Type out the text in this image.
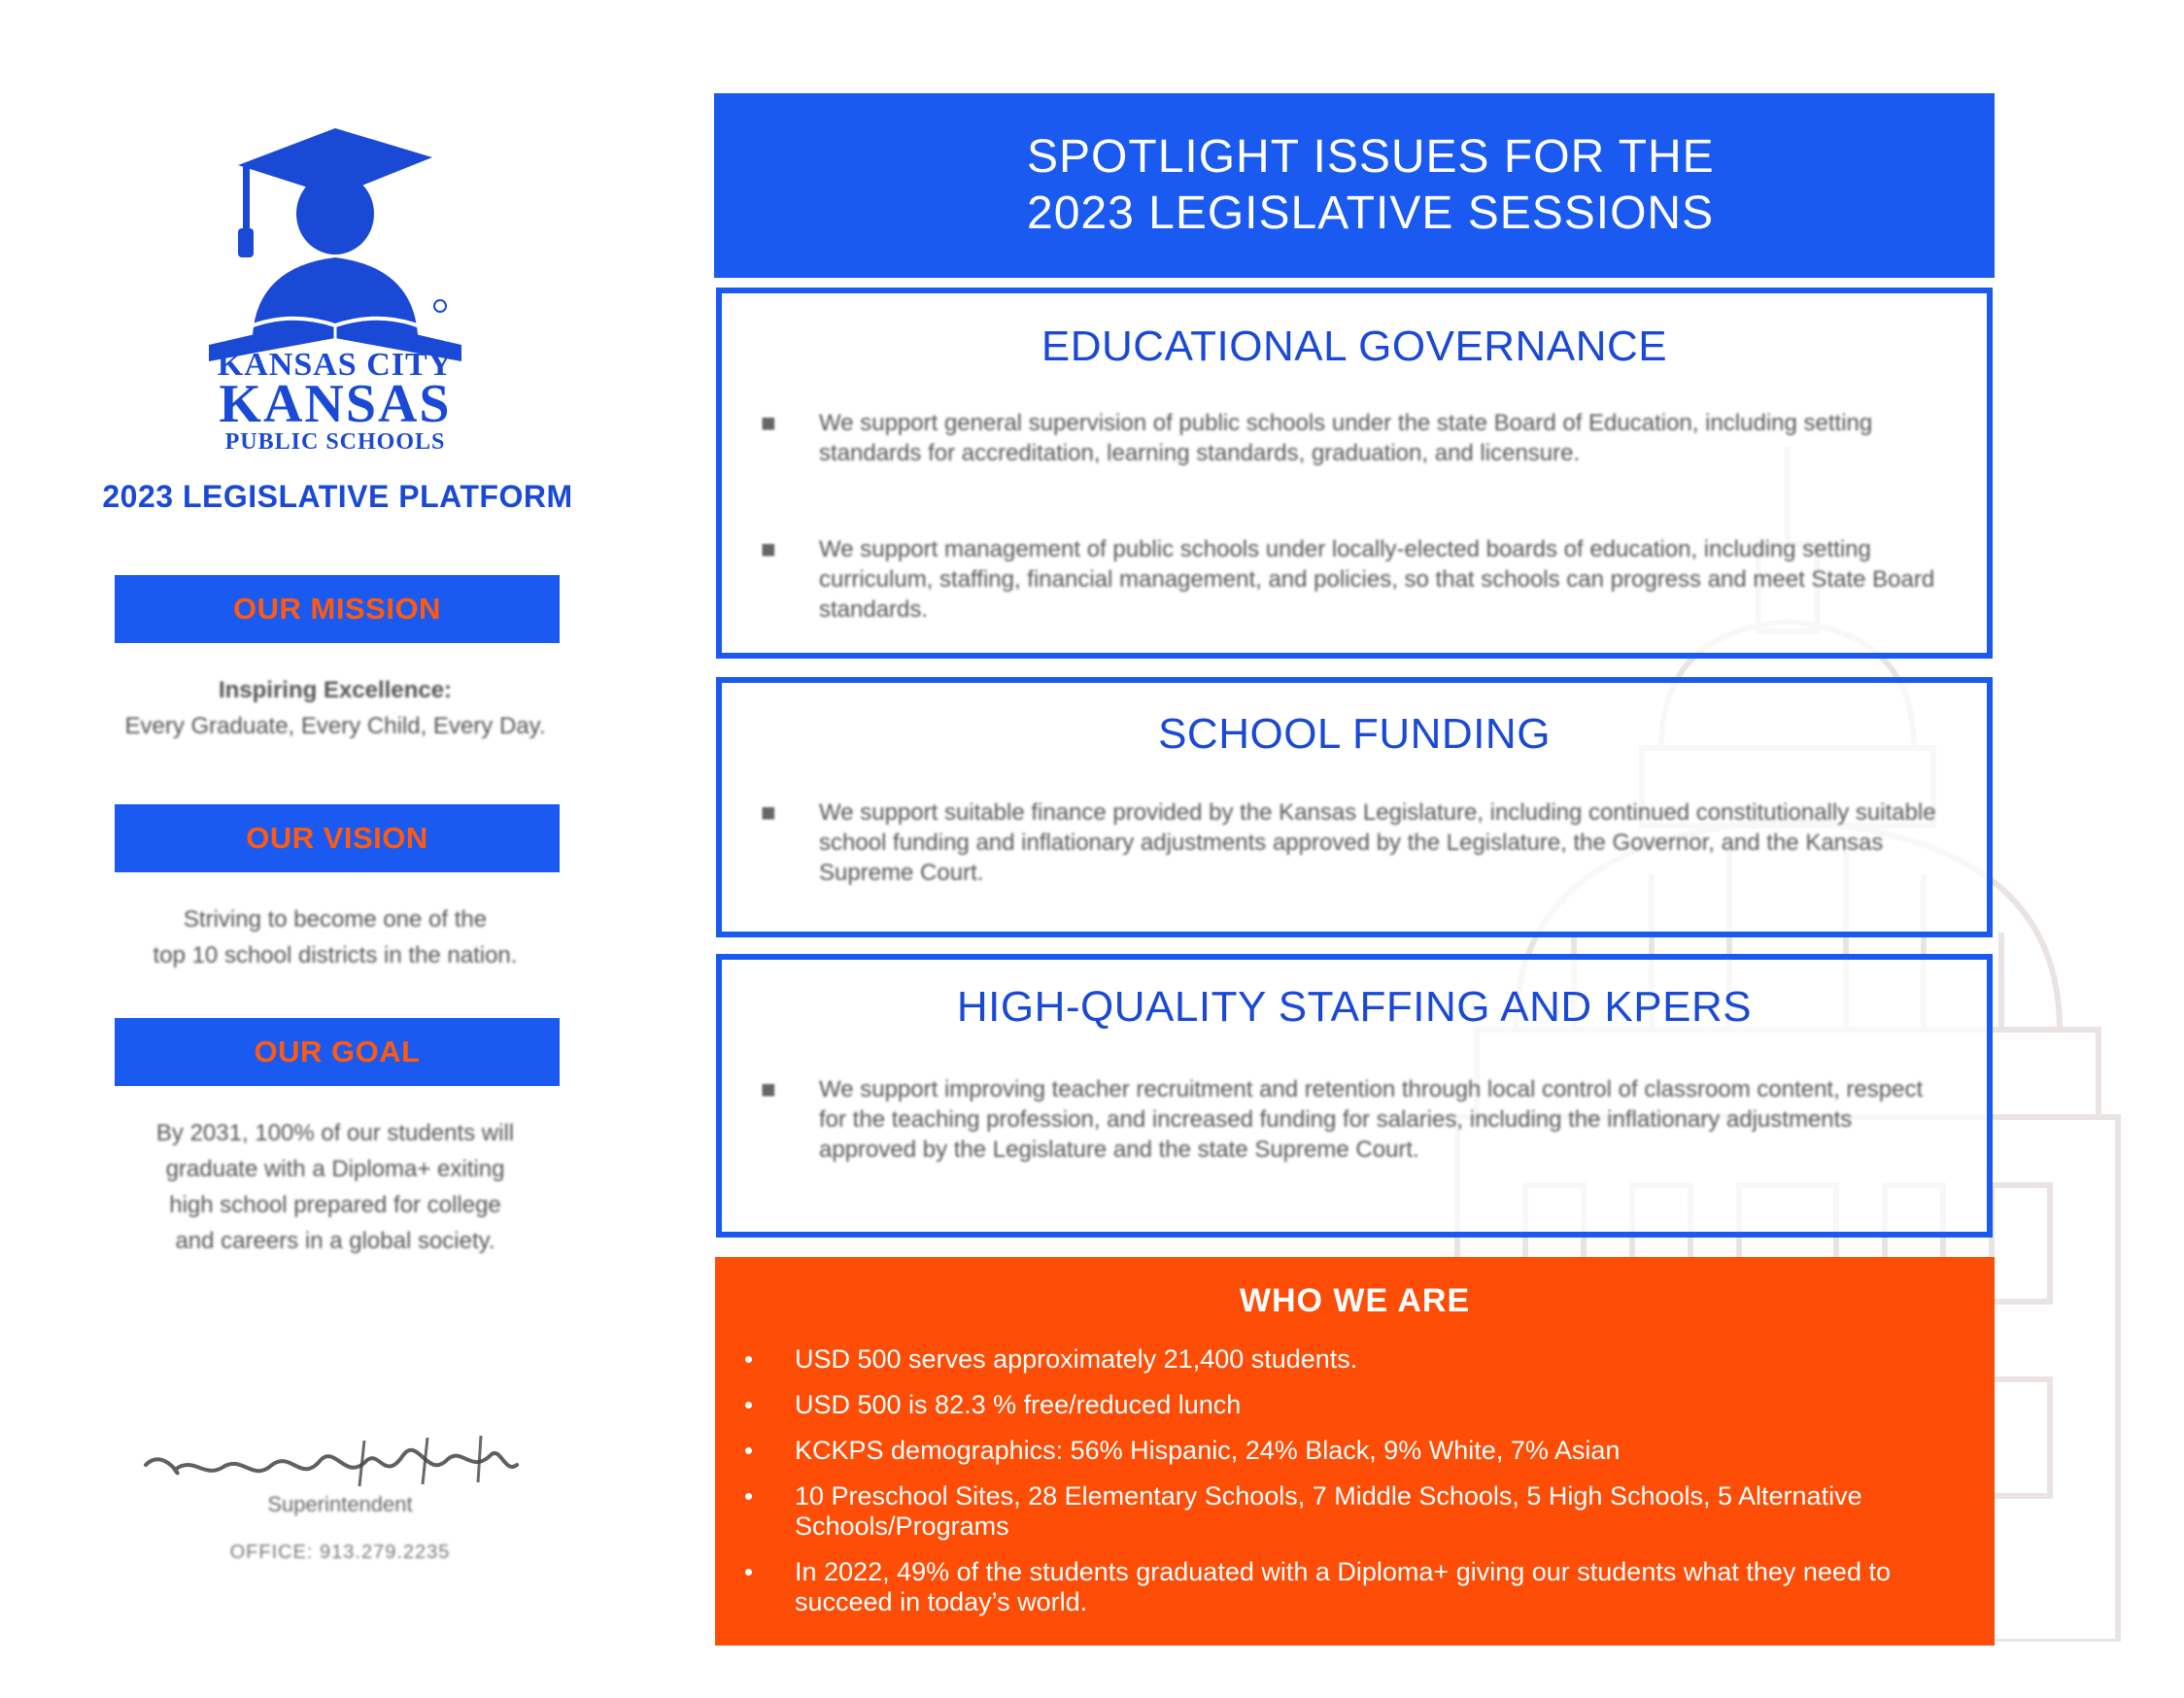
KANSAS CITY
KANSAS
PUBLIC SCHOOLS
2023 LEGISLATIVE PLATFORM
OUR MISSION
Inspiring Excellence:
Every Graduate, Every Child, Every Day.
OUR VISION
Striving to become one of the
top 10 school districts in the nation.
OUR GOAL
By 2031, 100% of our students will
graduate with a Diploma+ exiting
high school prepared for college
and careers in a global society.
Superintendent
OFFICE: 913.279.2235
SPOTLIGHT ISSUES FOR THE
2023 LEGISLATIVE SESSIONS
EDUCATIONAL GOVERNANCE
■	We support general supervision of public schools under the state Board of Education, including setting standards for accreditation, learning standards, graduation, and licensure.
■	We support management of public schools under locally-elected boards of education, including setting curriculum, staffing, financial management, and policies, so that schools can progress and meet State Board standards.
SCHOOL FUNDING
■	We support suitable finance provided by the Kansas Legislature, including continued constitutionally suitable school funding and inflationary adjustments approved by the Legislature, the Governor, and the Kansas Supreme Court.
HIGH-QUALITY STAFFING AND KPERS
■	We support improving teacher recruitment and retention through local control of classroom content, respect for the teaching profession, and increased funding for salaries, including the inflationary adjustments approved by the Legislature and the state Supreme Court.
WHO WE ARE
•	USD 500 serves approximately 21,400 students.
•	USD 500 is 82.3 % free/reduced lunch
•	KCKPS demographics: 56% Hispanic, 24% Black, 9% White, 7% Asian
•	10 Preschool Sites, 28 Elementary Schools, 7 Middle Schools, 5 High Schools, 5 Alternative Schools/Programs
•	In 2022, 49% of the students graduated with a Diploma+ giving our students what they need to succeed in today’s world.
